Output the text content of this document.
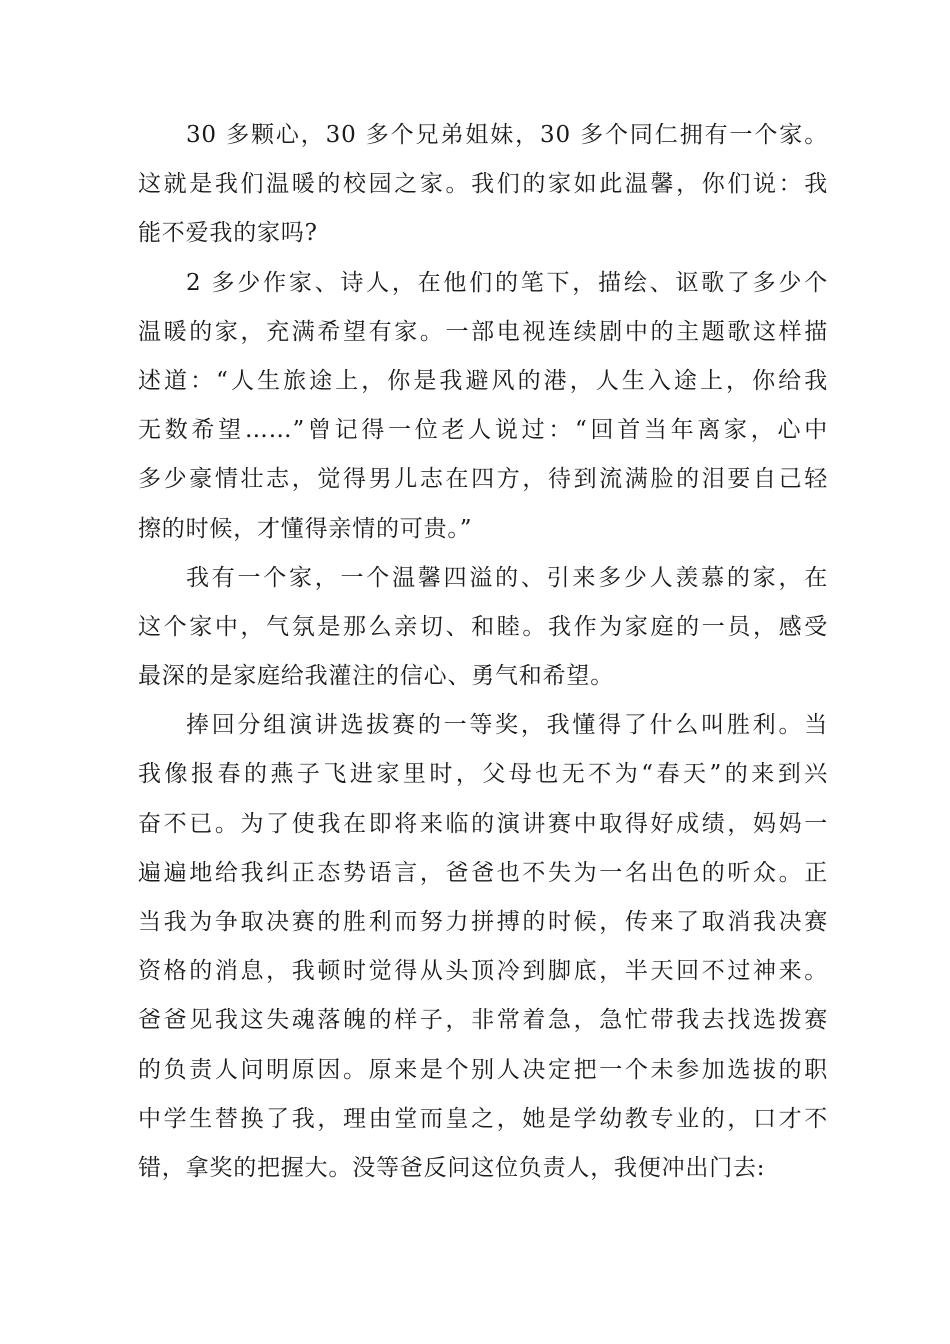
30 多颗心，30 多个兄弟姐妹，30 多个同仁拥有一个家。
这就是我们温暖的校园之家。我们的家如此温馨，你们说：我
能不爱我的家吗?
2 多少作家、诗人，在他们的笔下，描绘、讴歌了多少个
温暖的家，充满希望有家。一部电视连续剧中的主题歌这样描
述道：“人生旅途上，你是我避风的港，人生入途上，你给我
无数希望……”曾记得一位老人说过：“回首当年离家，心中
多少豪情壮志，觉得男儿志在四方，待到流满脸的泪要自己轻
擦的时候，才懂得亲情的可贵。”
我有一个家，一个温馨四溢的、引来多少人羡慕的家，在
这个家中，气氛是那么亲切、和睦。我作为家庭的一员，感受
最深的是家庭给我灌注的信心、勇气和希望。
捧回分组演讲选拔赛的一等奖，我懂得了什么叫胜利。当
我像报春的燕子飞进家里时，父母也无不为“春天”的来到兴
奋不已。为了使我在即将来临的演讲赛中取得好成绩，妈妈一
遍遍地给我纠正态势语言，爸爸也不失为一名出色的听众。正
当我为争取决赛的胜利而努力拼搏的时候，传来了取消我决赛
资格的消息，我顿时觉得从头顶冷到脚底，半天回不过神来。
爸爸见我这失魂落魄的样子，非常着急，急忙带我去找选拨赛
的负责人问明原因。原来是个别人决定把一个未参加选拔的职
中学生替换了我，理由堂而皇之，她是学幼教专业的，口才不
错，拿奖的把握大。没等爸反问这位负责人，我便冲出门去:
